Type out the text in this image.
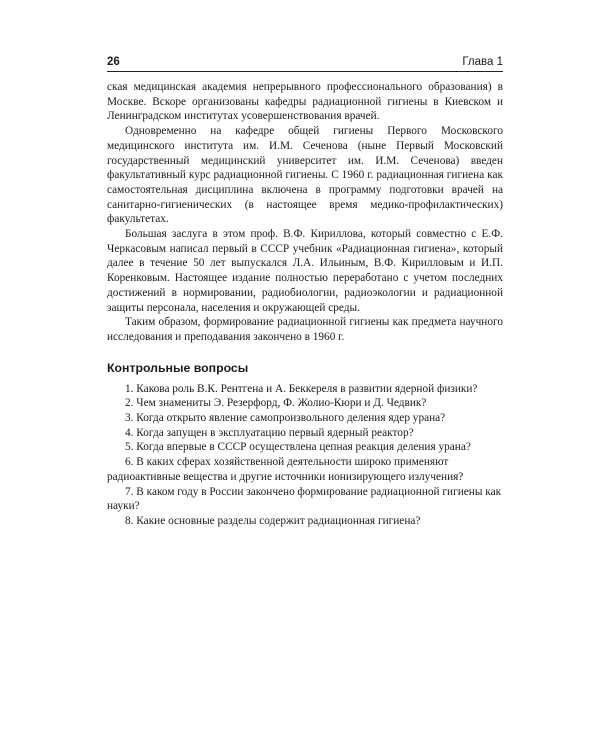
26	Глава 1

ская медицинская академия непрерывного профессионального образования) в Москве. Вскоре организованы кафедры радиационной гигиены в Киевском и Ленинградском институтах усовершенствования врачей.

Одновременно на кафедре общей гигиены Первого Московского медицинского института им. И.М. Сеченова (ныне Первый Московский государственный медицинский университет им. И.М. Сеченова) введен факультативный курс радиационной гигиены. С 1960 г. радиационная гигиена как самостоятельная дисциплина включена в программу подготовки врачей на санитарно-гигиенических (в настоящее время медико-профилактических) факультетах.

Большая заслуга в этом проф. В.Ф. Кириллова, который совместно с Е.Ф. Черкасовым написал первый в СССР учебник «Радиационная гигиена», который далее в течение 50 лет выпускался Л.А. Ильиным, В.Ф. Кирилловым и И.П. Коренковым. Настоящее издание полностью переработано с учетом последних достижений в нормировании, радиобиологии, радиоэкологии и радиационной защиты персонала, населения и окружающей среды.

Таким образом, формирование радиационной гигиены как предмета научного исследования и преподавания закончено в 1960 г.

Контрольные вопросы
1. Какова роль В.К. Рентгена и А. Беккереля в развитии ядерной физики?
2. Чем знамениты Э. Резерфорд, Ф. Жолио-Кюри и Д. Чедвик?
3. Когда открыто явление самопроизвольного деления ядер урана?
4. Когда запущен в эксплуатацию первый ядерный реактор?
5. Когда впервые в СССР осуществлена цепная реакция деления урана?
6. В каких сферах хозяйственной деятельности широко применяют радиоактивные вещества и другие источники ионизирующего излучения?
7. В каком году в России закончено формирование радиационной гигиены как науки?
8. Какие основные разделы содержит радиационная гигиена?
